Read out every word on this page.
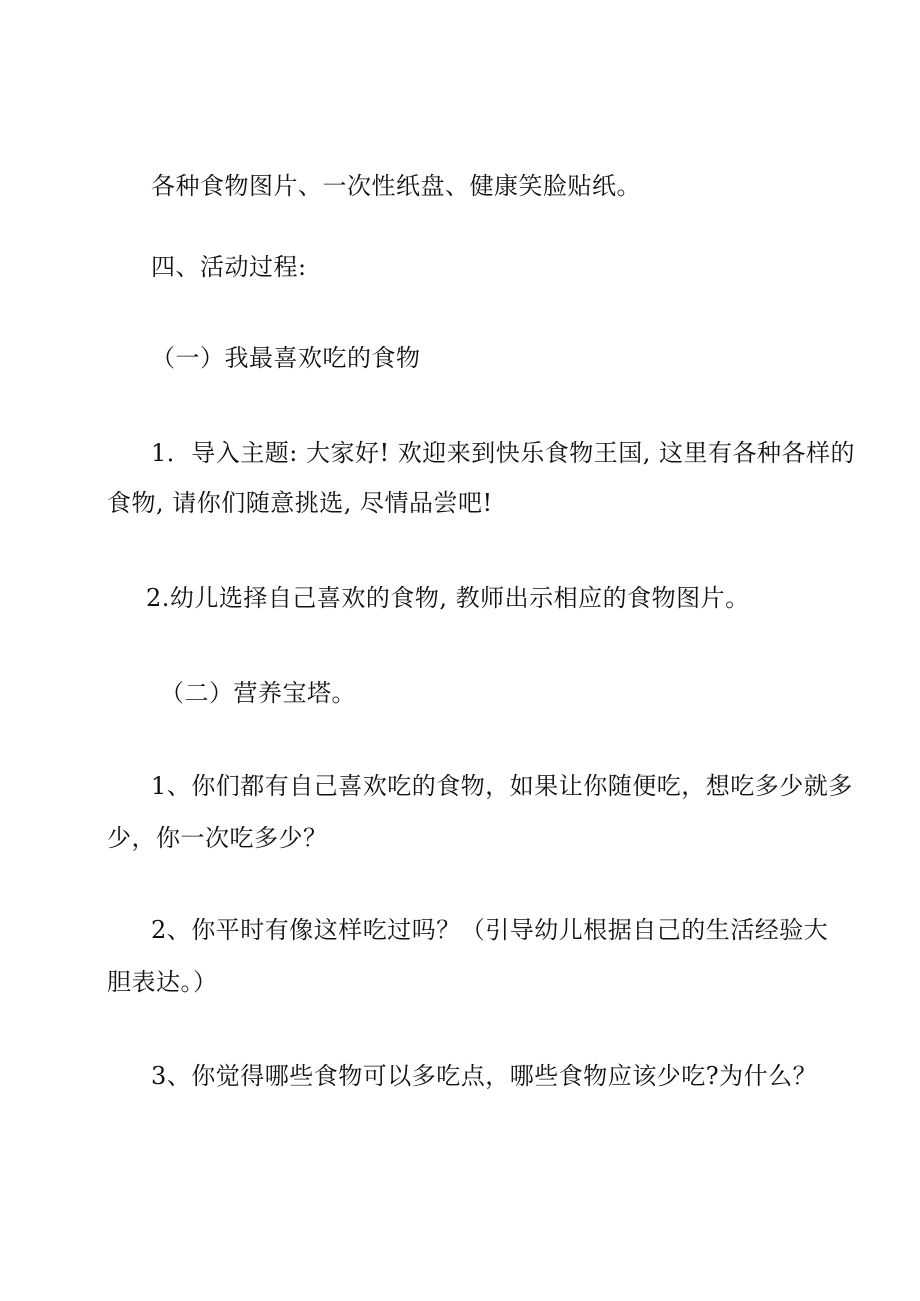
各种食物图片、一次性纸盘、健康笑脸贴纸。
四、活动过程:
（一）我最喜欢吃的食物
1．导入主题: 大家好! 欢迎来到快乐食物王国, 这里有各种各样的
食物, 请你们随意挑选, 尽情品尝吧!
2.幼儿选择自己喜欢的食物, 教师出示相应的食物图片。
（二）营养宝塔。
1、你们都有自己喜欢吃的食物，如果让你随便吃，想吃多少就多
少，你一次吃多少？
2、你平时有像这样吃过吗？（引导幼儿根据自己的生活经验大
胆表达。）
3、你觉得哪些食物可以多吃点，哪些食物应该少吃?为什么？
